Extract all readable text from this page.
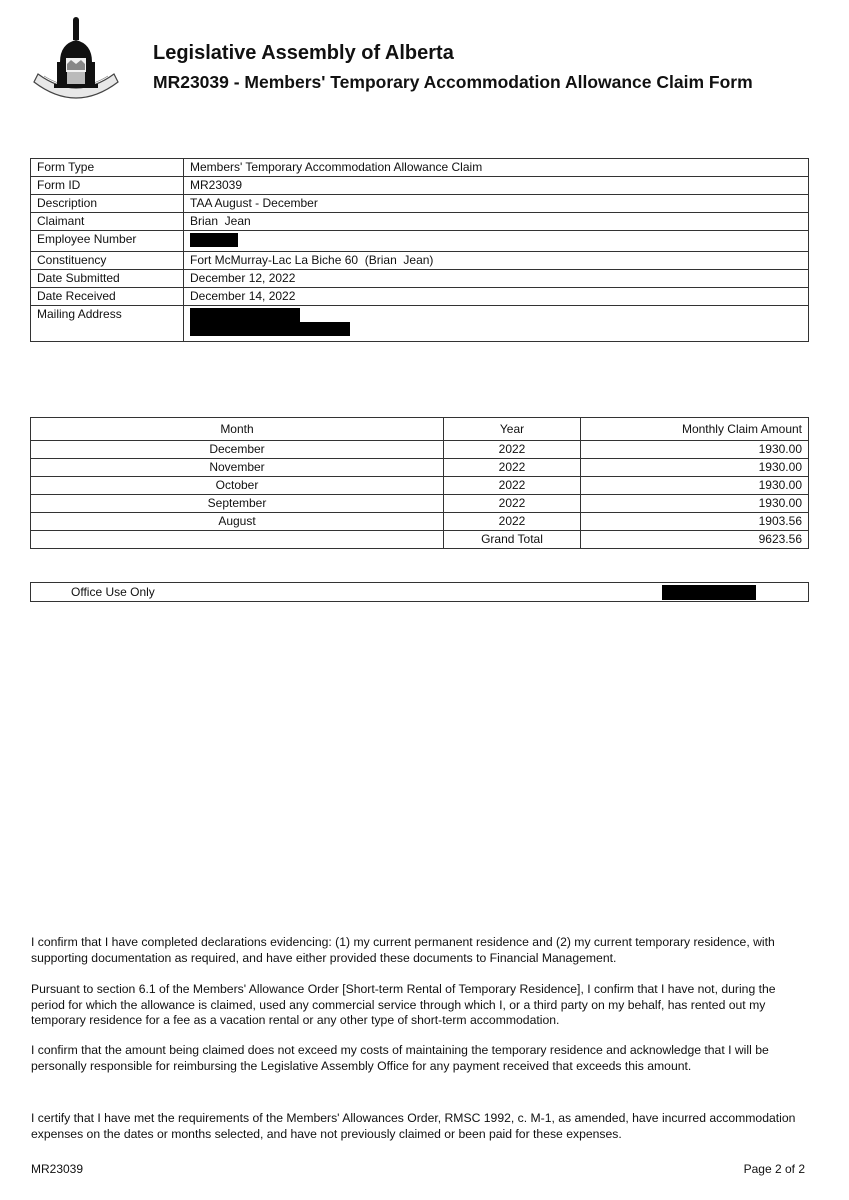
Legislative Assembly of Alberta
MR23039 - Members' Temporary Accommodation Allowance Claim Form
Form Type	Members' Temporary Accommodation Allowance Claim
Form ID	MR23039
Description	TAA August - December
Claimant	Brian  Jean
Employee Number	
Constituency	Fort McMurray-Lac La Biche 60  (Brian  Jean)
Date Submitted	December 12, 2022
Date Received	December 14, 2022
Mailing Address	
Month	Year	Monthly Claim Amount
December	2022	1930.00
November	2022	1930.00
October	2022	1930.00
September	2022	1930.00
August	2022	1903.56
	Grand Total	9623.56
Office Use Only

I confirm that I have completed declarations evidencing: (1) my current permanent residence and (2) my current temporary residence, with supporting documentation as required, and have either provided these documents to Financial Management.

Pursuant to section 6.1 of the Members' Allowance Order [Short-term Rental of Temporary Residence], I confirm that I have not, during the period for which the allowance is claimed, used any commercial service through which I, or a third party on my behalf, has rented out my temporary residence for a fee as a vacation rental or any other type of short-term accommodation.

I confirm that the amount being claimed does not exceed my costs of maintaining the temporary residence and acknowledge that I will be personally responsible for reimbursing the Legislative Assembly Office for any payment received that exceeds this amount.

I certify that I have met the requirements of the Members' Allowances Order, RMSC 1992, c. M-1, as amended, have incurred accommodation expenses on the dates or months selected, and have not previously claimed or been paid for these expenses.

MR23039	Page 2 of 2
